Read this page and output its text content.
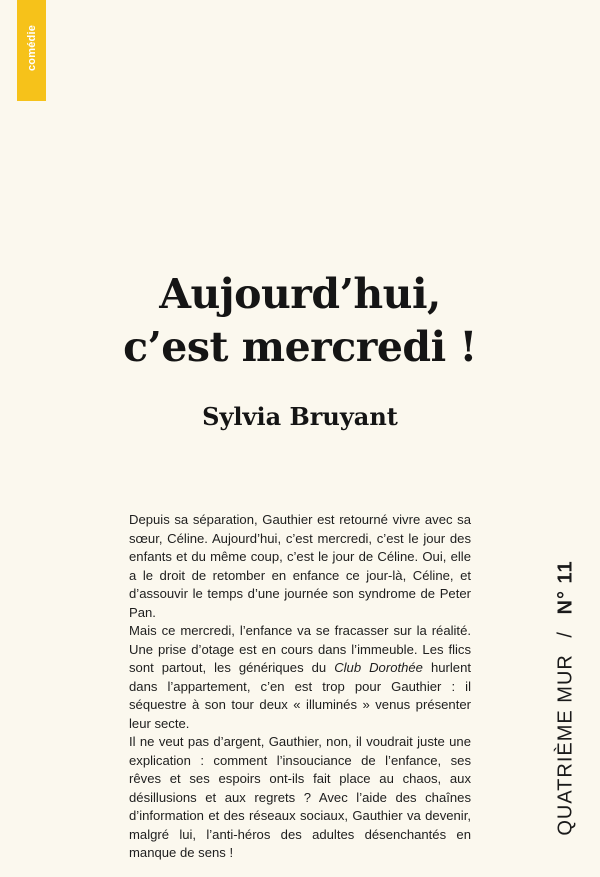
comédie
Aujourd’hui,
c’est mercredi !
Sylvia Bruyant

Depuis sa séparation, Gauthier est retourné vivre avec sa sœur, Céline. Aujourd’hui, c’est mercredi, c’est le jour des enfants et du même coup, c’est le jour de Céline. Oui, elle a le droit de retomber en enfance ce jour-là, Céline, et d’assouvir le temps d’une journée son syndrome de Peter Pan.

Mais ce mercredi, l’enfance va se fracasser sur la réalité. Une prise d’otage est en cours dans l’immeuble. Les flics sont partout, les génériques du Club Dorothée hurlent dans l’appartement, c’en est trop pour Gauthier : il séquestre à son tour deux « illuminés » venus présenter leur secte.

Il ne veut pas d’argent, Gauthier, non, il voudrait juste une explication : comment l’insouciance de l’enfance, ses rêves et ses espoirs ont-ils fait place au chaos, aux désillusions et aux regrets ? Avec l’aide des chaînes d’information et des réseaux sociaux, Gauthier va devenir, malgré lui, l’anti-héros des adultes désenchantés en manque de sens !

QUATRIÈME MUR / N° 11
